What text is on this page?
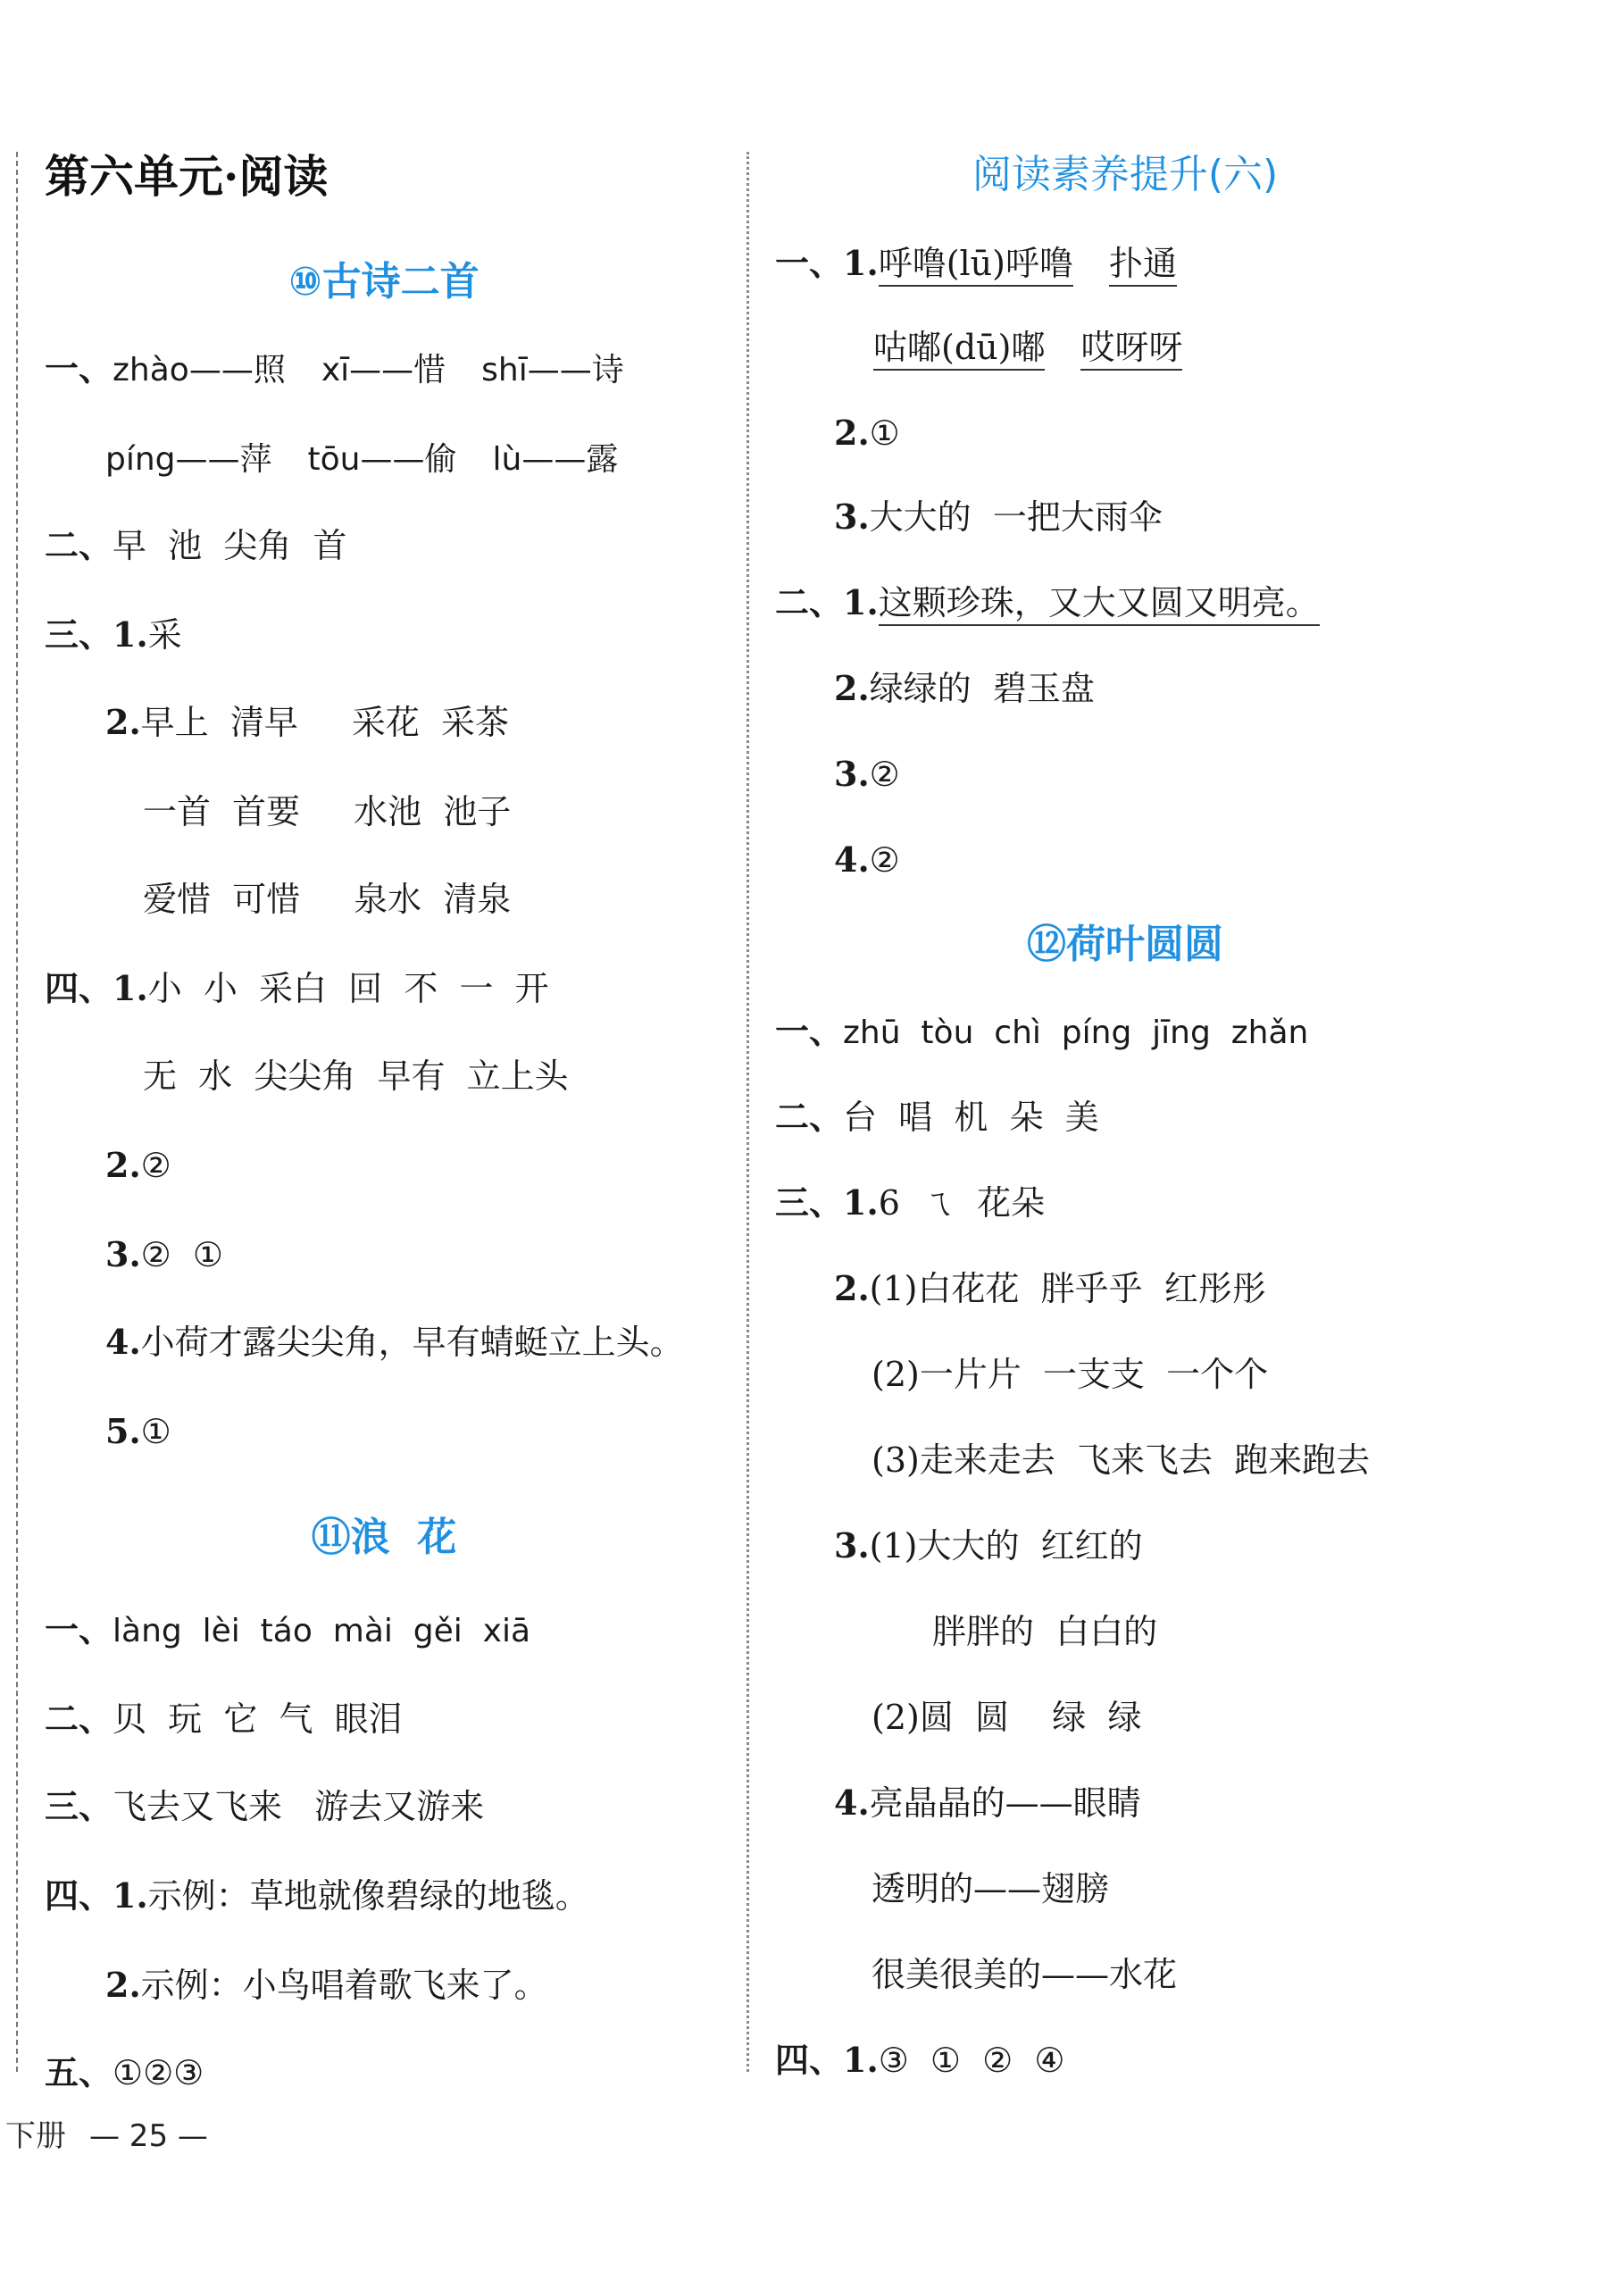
第六单元·阅读
⑩古诗二首
一、zhào——照 xī——惜 shī——诗
píng——萍 tōu——偷 lù——露
二、早  池  尖角  首
三、1.采
2.早上  清早 采花  采茶
一首  首要 水池  池子
爱惜  可惜 泉水  清泉
四、1.小  小  采白  回  不  一  开
无  水  尖尖角  早有  立上头
2.②
3.②  ①
4.小荷才露尖尖角，早有蜻蜓立上头。
5.①
⑪浪  花
一、làng  lèi  táo  mài  gěi  xiā
二、贝  玩  它  气  眼泪
三、飞去又飞来   游去又游来
四、1.示例：草地就像碧绿的地毯。
2.示例：小鸟唱着歌飞来了。
五、①②③
阅读素养提升(六)
一、1.呼噜(lū)呼噜 扑通
咕嘟(dū)嘟 哎呀呀
2.①
3.大大的  一把大雨伞
二、1.这颗珍珠，又大又圆又明亮。
2.绿绿的  碧玉盘
3.②
4.②
⑫荷叶圆圆
一、zhū  tòu  chì  píng  jīng  zhǎn
二、台  唱  机  朵  美
三、1.6  ㄟ  花朵
2.(1)白花花  胖乎乎  红彤彤
(2)一片片  一支支  一个个
(3)走来走去  飞来飞去  跑来跑去
3.(1)大大的  红红的
胖胖的  白白的
(2)圆  圆    绿  绿
4.亮晶晶的——眼睛
透明的——翅膀
很美很美的——水花
四、1.③  ①  ②  ④
下册 — 25 —
